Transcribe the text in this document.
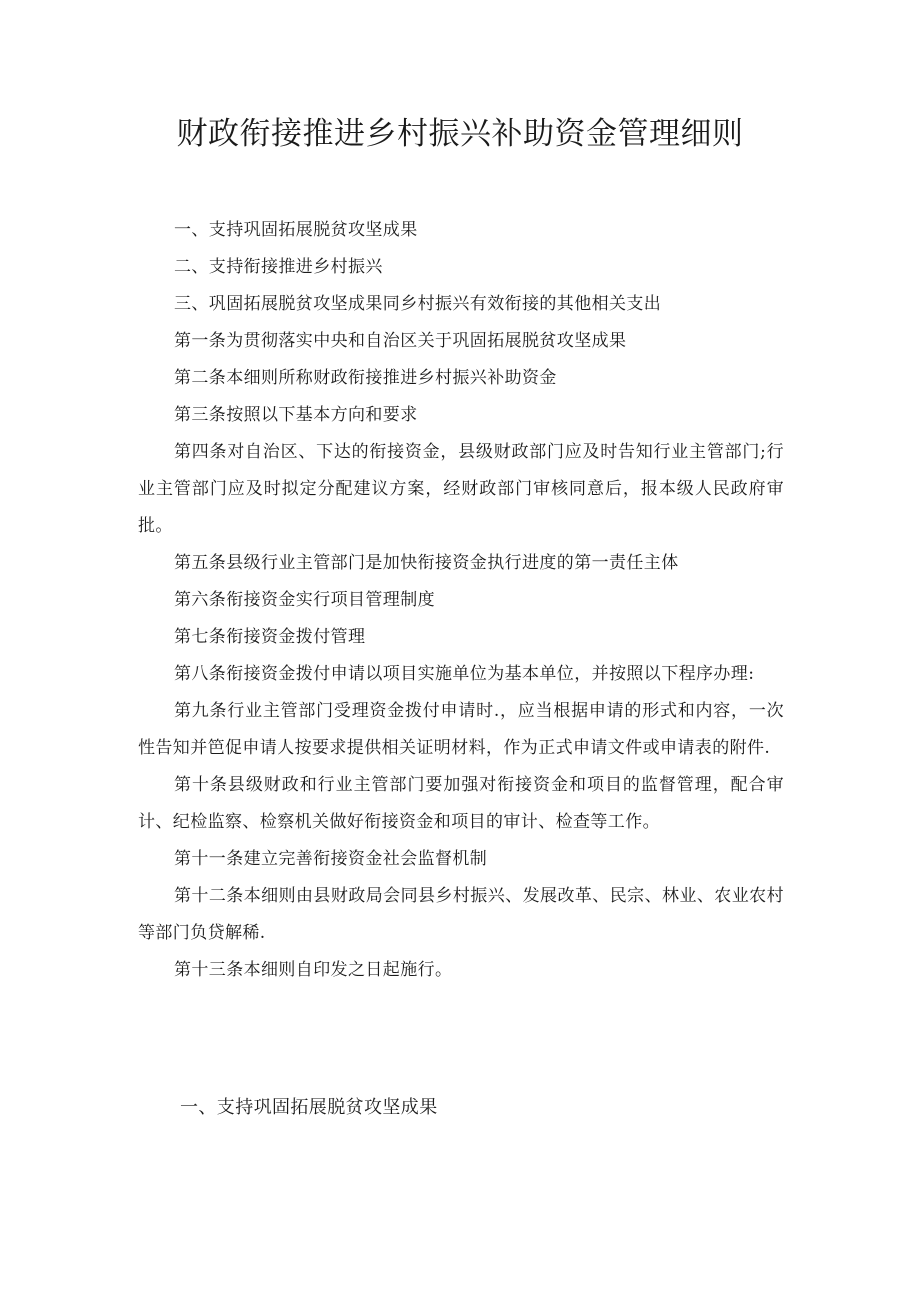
财政衔接推进乡村振兴补助资金管理细则

一、支持巩固拓展脱贫攻坚成果

二、支持衔接推进乡村振兴

三、巩固拓展脱贫攻坚成果同乡村振兴有效衔接的其他相关支出

第一条为贯彻落实中央和自治区关于巩固拓展脱贫攻坚成果

第二条本细则所称财政衔接推进乡村振兴补助资金

第三条按照以下基本方向和要求

第四条对自治区、下达的衔接资金，县级财政部门应及时告知行业主管部门;行业主管部门应及时拟定分配建议方案，经财政部门审核同意后，报本级人民政府审批。

第五条县级行业主管部门是加快衔接资金执行进度的第一责任主体

第六条衔接资金实行项目管理制度

第七条衔接资金拨付管理

第八条衔接资金拨付申请以项目实施单位为基本单位，并按照以下程序办理:

第九条行业主管部门受理资金拨付申请时.，应当根据申请的形式和内容，一次性告知并笆促申请人按要求提供相关证明材料，作为正式申请文件或申请表的附件.

第十条县级财政和行业主管部门要加强对衔接资金和项目的监督管理，配合审计、纪检监察、检察机关做好衔接资金和项目的审计、检查等工作。

第十一条建立完善衔接资金社会监督机制

第十二条本细则由县财政局会同县乡村振兴、发展改革、民宗、林业、农业农村等部门负贷解稀.

第十三条本细则自印发之日起施行。

一、支持巩固拓展脱贫攻坚成果
